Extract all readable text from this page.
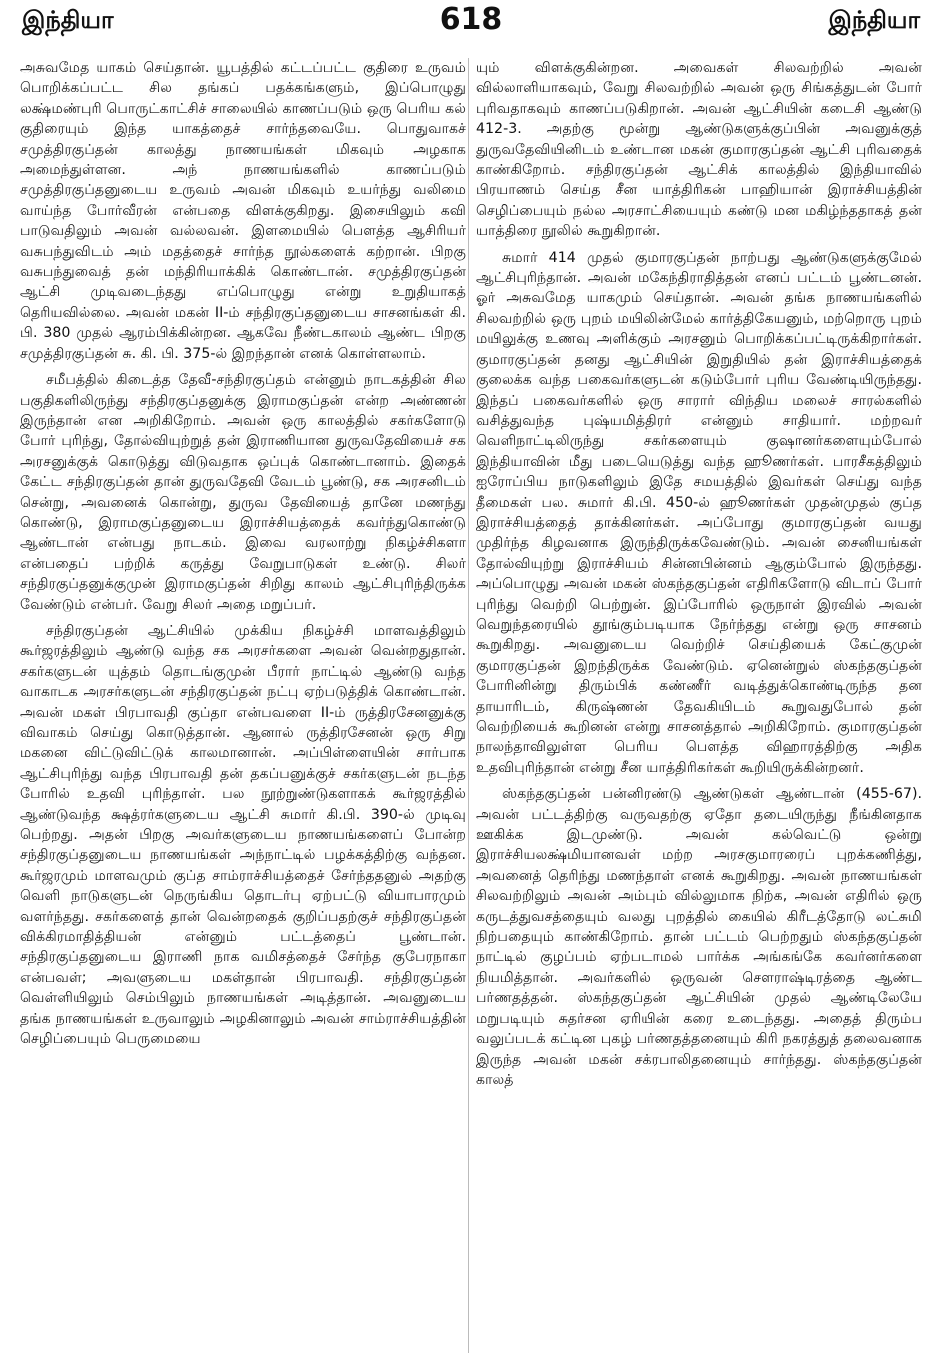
இந்தியா	618	இந்தியா

அசுவமேத யாகம் செய்தான். யூபத்தில் கட்டப்பட்ட குதிரை உருவம் பொறிக்கப்பட்ட சில தங்கப் பதக்கங்களும், இப்பொழுது லக்ஷ்மண்புரி பொருட்காட்சிச் சாலையில் காணப்படும் ஒரு பெரிய கல் குதிரையும் இந்த யாகத்தைச் சார்ந்தவையே. பொதுவாகச் சமுத்திரகுப்தன் காலத்து நாணயங்கள் மிகவும் அழகாக அமைந்துள்ளன. அந் நாணயங்களில் காணப்படும் சமுத்திரகுப்தனுடைய உருவம் அவன் மிகவும் உயர்ந்து வலிமை வாய்ந்த போர்வீரன் என்பதை விளக்குகிறது. இசையிலும் கவி பாடுவதிலும் அவன் வல்லவன். இளமையில் பௌத்த ஆசிரியர் வசுபந்துவிடம் அம் மதத்தைச் சார்ந்த நூல்களைக் கற்றான். பிறகு வசுபந்துவைத் தன் மந்திரியாக்கிக் கொண்டான். சமுத்திரகுப்தன் ஆட்சி முடிவடைந்தது எப்பொழுது என்று உறுதியாகத் தெரியவில்லை. அவன் மகன் II-ம் சந்திரகுப்தனுடைய சாசனங்கள் கி. பி. 380 முதல் ஆரம்பிக்கின்றன. ஆகவே நீண்டகாலம் ஆண்ட பிறகு சமுத்திரகுப்தன் சு. கி. பி. 375-ல் இறந்தான் எனக் கொள்ளலாம்.

சமீபத்தில் கிடைத்த தேவீ-சந்திரகுப்தம் என்னும் நாடகத்தின் சில பகுதிகளிலிருந்து சந்திரகுப்தனுக்கு இராமகுப்தன் என்ற அண்ணன் இருந்தான் என அறிகிறோம். அவன் ஒரு காலத்தில் சகர்களோடு போர் புரிந்து, தோல்வியுற்றுத் தன் இராணியான துருவதேவியைச் சக அரசனுக்குக் கொடுத்து விடுவதாக ஒப்புக் கொண்டானாம். இதைக் கேட்ட சந்திரகுப்தன் தான் துருவதேவி வேடம் பூண்டு, சக அரசனிடம் சென்று, அவனைக் கொன்று, துருவ தேவியைத் தானே மணந்து கொண்டு, இராமகுப்தனுடைய இராச்சியத்தைக் கவர்ந்துகொண்டு ஆண்டான் என்பது நாடகம். இவை வரலாற்று நிகழ்ச்சிகளா என்பதைப் பற்றிக் கருத்து வேறுபாடுகள் உண்டு. சிலர் சந்திரகுப்தனுக்குமுன் இராமகுப்தன் சிறிது காலம் ஆட்சிபுரிந்திருக்க வேண்டும் என்பர். வேறு சிலர் அதை மறுப்பர்.

சந்திரகுப்தன் ஆட்சியில் முக்கிய நிகழ்ச்சி மாளவத்திலும் கூர்ஜரத்திலும் ஆண்டு வந்த சக அரசர்களை அவன் வென்றதுதான். சகர்களுடன் யுத்தம் தொடங்குமுன் பீரார் நாட்டில் ஆண்டு வந்த வாகாடக அரசர்களுடன் சந்திரகுப்தன் நட்பு ஏற்படுத்திக் கொண்டான். அவன் மகள் பிரபாவதி குப்தா என்பவளை II-ம் ருத்திரசேனனுக்கு விவாகம் செய்து கொடுத்தான். ஆனால் ருத்திரசேனன் ஒரு சிறு மகனை விட்டுவிட்டுக் காலமானான். அப்பிள்ளையின் சார்பாக ஆட்சிபுரிந்து வந்த பிரபாவதி தன் தகப்பனுக்குச் சகர்களுடன் நடந்த போரில் உதவி புரிந்தாள். பல நூற்றுண்டுகளாகக் கூர்ஜரத்தில் ஆண்டுவந்த க்ஷத்ரர்களுடைய ஆட்சி சுமார் கி.பி. 390-ல் முடிவு பெற்றது. அதன் பிறகு அவர்களுடைய நாணயங்களைப் போன்ற சந்திரகுப்தனுடைய நாணயங்கள் அந்நாட்டில் பழக்கத்திற்கு வந்தன. கூர்ஜரமும் மாளவமும் குப்த சாம்ராச்சியத்தைச் சேர்ந்ததனுல் அதற்கு வெளி நாடுகளுடன் நெருங்கிய தொடர்பு ஏற்பட்டு வியாபாரமும் வளர்ந்தது. சகர்களைத் தான் வென்றதைக் குறிப்பதற்குச் சந்திரகுப்தன் விக்கிரமாதித்தியன் என்னும் பட்டத்தைப் பூண்டான். சந்திரகுப்தனுடைய இராணி நாக வமிசத்தைச் சேர்ந்த குபேரநாகா என்பவள்; அவளுடைய மகள்தான் பிரபாவதி. சந்திரகுப்தன் வெள்ளியிலும் செம்பிலும் நாணயங்கள் அடித்தான். அவனுடைய தங்க நாணயங்கள் உருவாலும் அழகினாலும் அவன் சாம்ராச்சியத்தின் செழிப்பையும் பெருமையை

யும் விளக்குகின்றன. அவைகள் சிலவற்றில் அவன் வில்லாளியாகவும், வேறு சிலவற்றில் அவன் ஒரு சிங்கத்துடன் போர் புரிவதாகவும் காணப்படுகிறான். அவன் ஆட்சியின் கடைசி ஆண்டு 412-3. அதற்கு மூன்று ஆண்டுகளுக்குப்பின் அவனுக்குத் துருவதேவியினிடம் உண்டான மகன் குமாரகுப்தன் ஆட்சி புரிவதைக் காண்கிறோம். சந்திரகுப்தன் ஆட்சிக் காலத்தில் இந்தியாவில் பிரயாணம் செய்த சீன யாத்திரிகன் பாஹியான் இராச்சியத்தின் செழிப்பையும் நல்ல அரசாட்சியையும் கண்டு மன மகிழ்ந்ததாகத் தன் யாத்திரை நூலில் கூறுகிறான்.

சுமார் 414 முதல் குமாரகுப்தன் நாற்பது ஆண்டுகளுக்குமேல் ஆட்சிபுரிந்தான். அவன் மகேந்திராதித்தன் எனப் பட்டம் பூண்டனன். ஓர் அசுவமேத யாகமும் செய்தான். அவன் தங்க நாணயங்களில் சிலவற்றில் ஒரு புறம் மயிலின்மேல் கார்த்திகேயனும், மற்றொரு புறம் மயிலுக்கு உணவு அளிக்கும் அரசனும் பொறிக்கப்பட்டிருக்கிறார்கள். குமாரகுப்தன் தனது ஆட்சியின் இறுதியில் தன் இராச்சியத்தைக் குலைக்க வந்த பகைவர்களுடன் கடும்போர் புரிய வேண்டியிருந்தது. இந்தப் பகைவர்களில் ஒரு சாரார் விந்திய மலைச் சாரல்களில் வசித்துவந்த புஷ்யமித்திரர் என்னும் சாதியார். மற்றவர் வெளிநாட்டிலிருந்து சகர்களையும் குஷானர்களையும்போல் இந்தியாவின் மீது படையெடுத்து வந்த ஹூணர்கள். பாரசீகத்திலும் ஐரோப்பிய நாடுகளிலும் இதே சமயத்தில் இவர்கள் செய்து வந்த தீமைகள் பல. சுமார் கி.பி. 450-ல் ஹூணர்கள் முதன்முதல் குப்த இராச்சியத்தைத் தாக்கினர்கள். அப்போது குமாரகுப்தன் வயது முதிர்ந்த கிழவனாக இருந்திருக்கவேண்டும். அவன் சைனியங்கள் தோல்வியுற்று இராச்சியம் சின்னபின்னம் ஆகும்போல் இருந்தது. அப்பொழுது அவன் மகன் ஸ்கந்தகுப்தன் எதிரிகளோடு விடாப் போர் புரிந்து வெற்றி பெற்றுன். இப்போரில் ஒருநாள் இரவில் அவன் வெறுந்தரையில் தூங்கும்படியாக நேர்ந்தது என்று ஒரு சாசனம் கூறுகிறது. அவனுடைய வெற்றிச் செய்தியைக் கேட்குமுன் குமாரகுப்தன் இறந்திருக்க வேண்டும். ஏனென்றுல் ஸ்கந்தகுப்தன் போரினின்று திரும்பிக் கண்ணீர் வடித்துக்கொண்டிருந்த தன தாயாரிடம், கிருஷ்ணன் தேவகியிடம் கூறுவதுபோல் தன் வெற்றியைக் கூறினன் என்று சாசனத்தால் அறிகிறோம். குமாரகுப்தன் நாலந்தாவிலுள்ள பெரிய பௌத்த விஹாரத்திற்கு அதிக உதவிபுரிந்தான் என்று சீன யாத்திரிகர்கள் கூறியிருக்கின்றனர்.

ஸ்கந்தகுப்தன் பன்னிரண்டு ஆண்டுகள் ஆண்டான் (455-67). அவன் பட்டத்திற்கு வருவதற்கு ஏதோ தடையிருந்து நீங்கினதாக ஊகிக்க இடமுண்டு. அவன் கல்வெட்டு ஒன்று இராச்சியலக்ஷ்மியானவள் மற்ற அரசகுமாரரைப் புறக்கணித்து, அவனைத் தெரிந்து மணந்தாள் எனக் கூறுகிறது. அவன் நாணயங்கள் சிலவற்றிலும் அவன் அம்பும் வில்லுமாக நிற்க, அவன் எதிரில் ஒரு கருடத்துவசத்தையும் வலது புறத்தில் கையில் கிரீடத்தோடு லட்சுமி நிற்பதையும் காண்கிறோம். தான் பட்டம் பெற்றதும் ஸ்கந்தகுப்தன் நாட்டில் குழப்பம் ஏற்படாமல் பார்க்க அங்கங்கே கவர்னர்களை நியமித்தான். அவர்களில் ஒருவன் சௌராஷ்டிரத்தை ஆண்ட பர்ணதத்தன். ஸ்கந்தகுப்தன் ஆட்சியின் முதல் ஆண்டிலேயே மறுபடியும் சுதர்சன ஏரியின் கரை உடைந்தது. அதைத் திரும்ப வலுப்படக் கட்டின புகழ் பர்ணதத்தனையும் கிரி நகரத்துத் தலைவனாக இருந்த அவன் மகன் சக்ரபாலிதனையும் சார்ந்தது. ஸ்கந்தகுப்தன் காலத்
